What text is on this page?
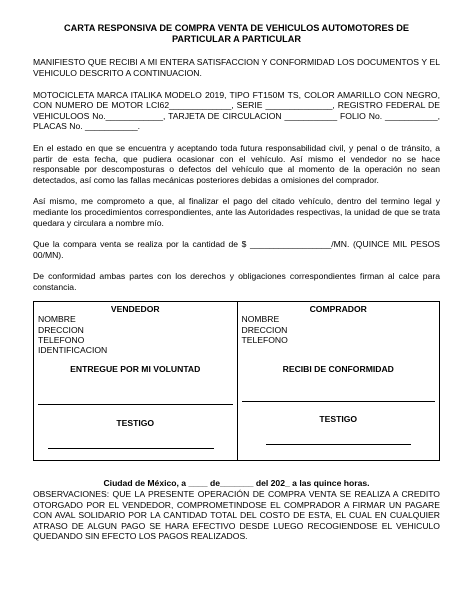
CARTA RESPONSIVA DE COMPRA VENTA DE VEHICULOS AUTOMOTORES DE
PARTICULAR A PARTICULAR

MANIFIESTO QUE RECIBI A MI ENTERA SATISFACCION Y CONFORMIDAD LOS DOCUMENTOS Y EL VEHICULO DESCRITO A CONTINUACION.

MOTOCICLETA MARCA ITALIKA MODELO 2019, TIPO FT150M TS, COLOR AMARILLO CON NEGRO, CON NUMERO DE MOTOR LCI62_____________, SERIE ______________, REGISTRO FEDERAL DE VEHICULOOS No.____________, TARJETA DE CIRCULACION ___________ FOLIO No. ___________, PLACAS No. ___________.

En el estado en que se encuentra y aceptando toda futura responsabilidad civil, y penal o de tránsito, a partir de esta fecha, que pudiera ocasionar con el vehículo. Así mismo el vendedor no se hace responsable por descomposturas o defectos del vehículo que al momento de la operación no sean detectados, así como las fallas mecánicas posteriores debidas a omisiones del comprador.

Así mismo, me comprometo a que, al finalizar el pago del citado vehículo, dentro del termino legal y mediante los procedimientos correspondientes, ante las Autoridades respectivas, la unidad de que se trata quedara y circulara a nombre mío.

Que la compara venta se realiza por la cantidad de $ _________________/MN. (QUINCE MIL PESOS 00/MN).

De conformidad ambas partes con los derechos y obligaciones correspondientes firman al calce para constancia.

VENDEDOR
NOMBRE
DRECCION
TELEFONO
IDENTIFICACION
ENTREGUE POR MI VOLUNTAD
TESTIGO
COMPRADOR
NOMBRE
DRECCION
TELEFONO
RECIBI DE CONFORMIDAD
TESTIGO

Ciudad de México, a ____ de_______ del 202_ a las quince horas.

OBSERVACIONES: QUE LA PRESENTE OPERACIÓN DE COMPRA VENTA SE REALIZA A CREDITO OTORGADO POR EL VENDEDOR, COMPROMETINDOSE EL COMPRADOR A FIRMAR UN PAGARE CON AVAL SOLIDARIO POR LA CANTIDAD TOTAL DEL COSTO DE ESTA, EL CUAL EN CUALQUIER ATRASO DE ALGUN PAGO SE HARA EFECTIVO DESDE LUEGO RECOGIENDOSE EL VEHICULO QUEDANDO SIN EFECTO LOS PAGOS REALIZADOS.
